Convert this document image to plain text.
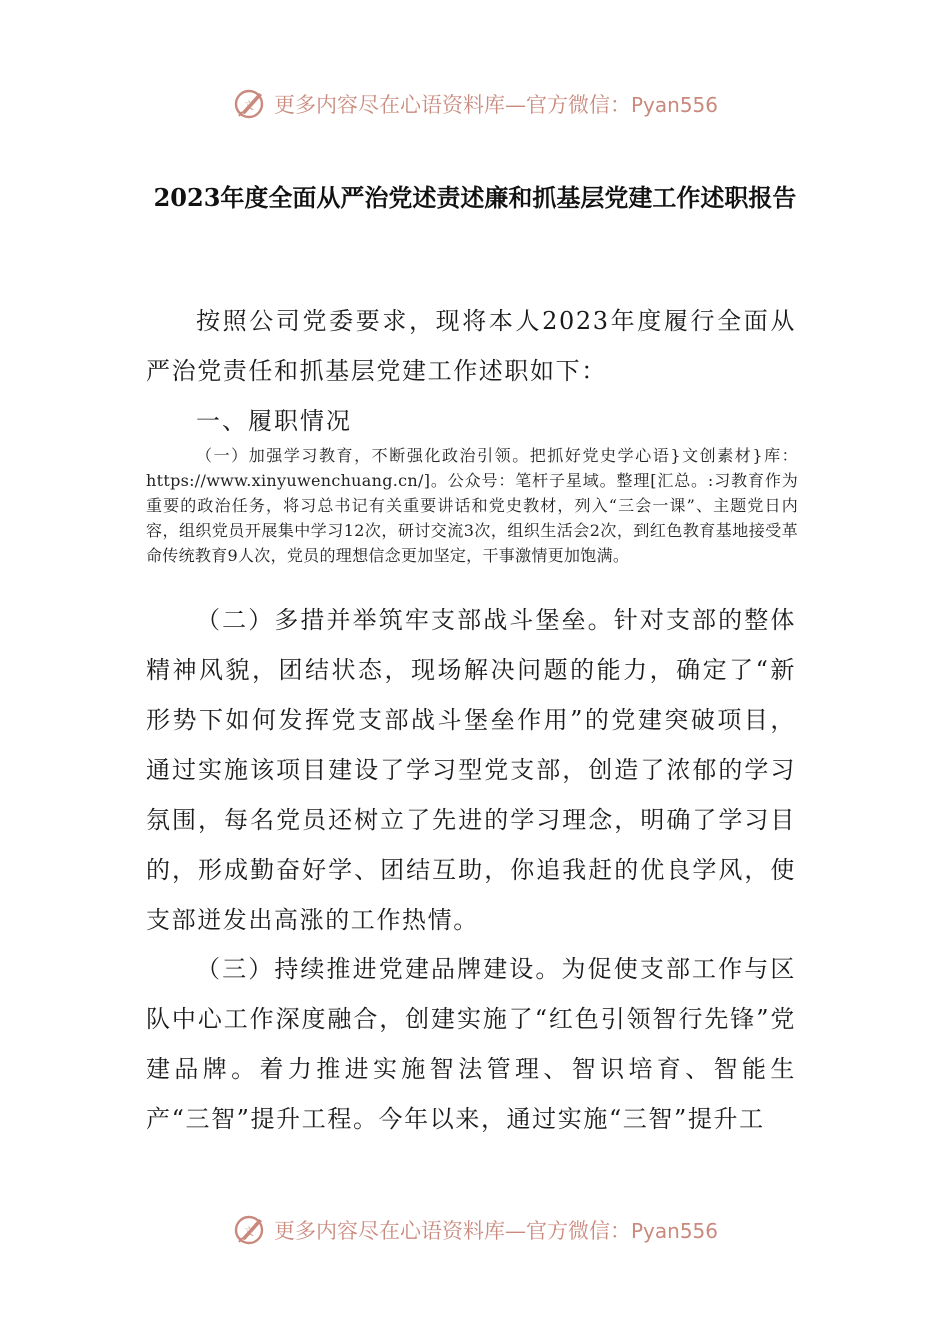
文 更多内容尽在心语资料库—官方微信：Pyan556
2023年度全面从严治党述责述廉和抓基层党建工作述职报告
按照公司党委要求，现将本人2023年度履行全面从严治党责任和抓基层党建工作述职如下：
一、履职情况
（一）加强学习教育，不断强化政治引领。把抓好党史学心语}文创素材}库：https://www.xinyuwenchuang.cn/]。公众号：笔杆子星域。整理[汇总。:习教育作为重要的政治任务，将习总书记有关重要讲话和党史教材，列入“三会一课”、主题党日内容，组织党员开展集中学习12次，研讨交流3次，组织生活会2次，到红色教育基地接受革命传统教育9人次，党员的理想信念更加坚定，干事激情更加饱满。
（二）多措并举筑牢支部战斗堡垒。针对支部的整体精神风貌，团结状态，现场解决问题的能力，确定了“新形势下如何发挥党支部战斗堡垒作用”的党建突破项目，通过实施该项目建设了学习型党支部，创造了浓郁的学习氛围，每名党员还树立了先进的学习理念，明确了学习目的，形成勤奋好学、团结互助，你追我赶的优良学风，使支部迸发出高涨的工作热情。
（三）持续推进党建品牌建设。为促使支部工作与区队中心工作深度融合，创建实施了“红色引领智行先锋”党建品牌。着力推进实施智法管理、智识培育、智能生产“三智”提升工程。今年以来，通过实施“三智”提升工
文 更多内容尽在心语资料库—官方微信：Pyan556
